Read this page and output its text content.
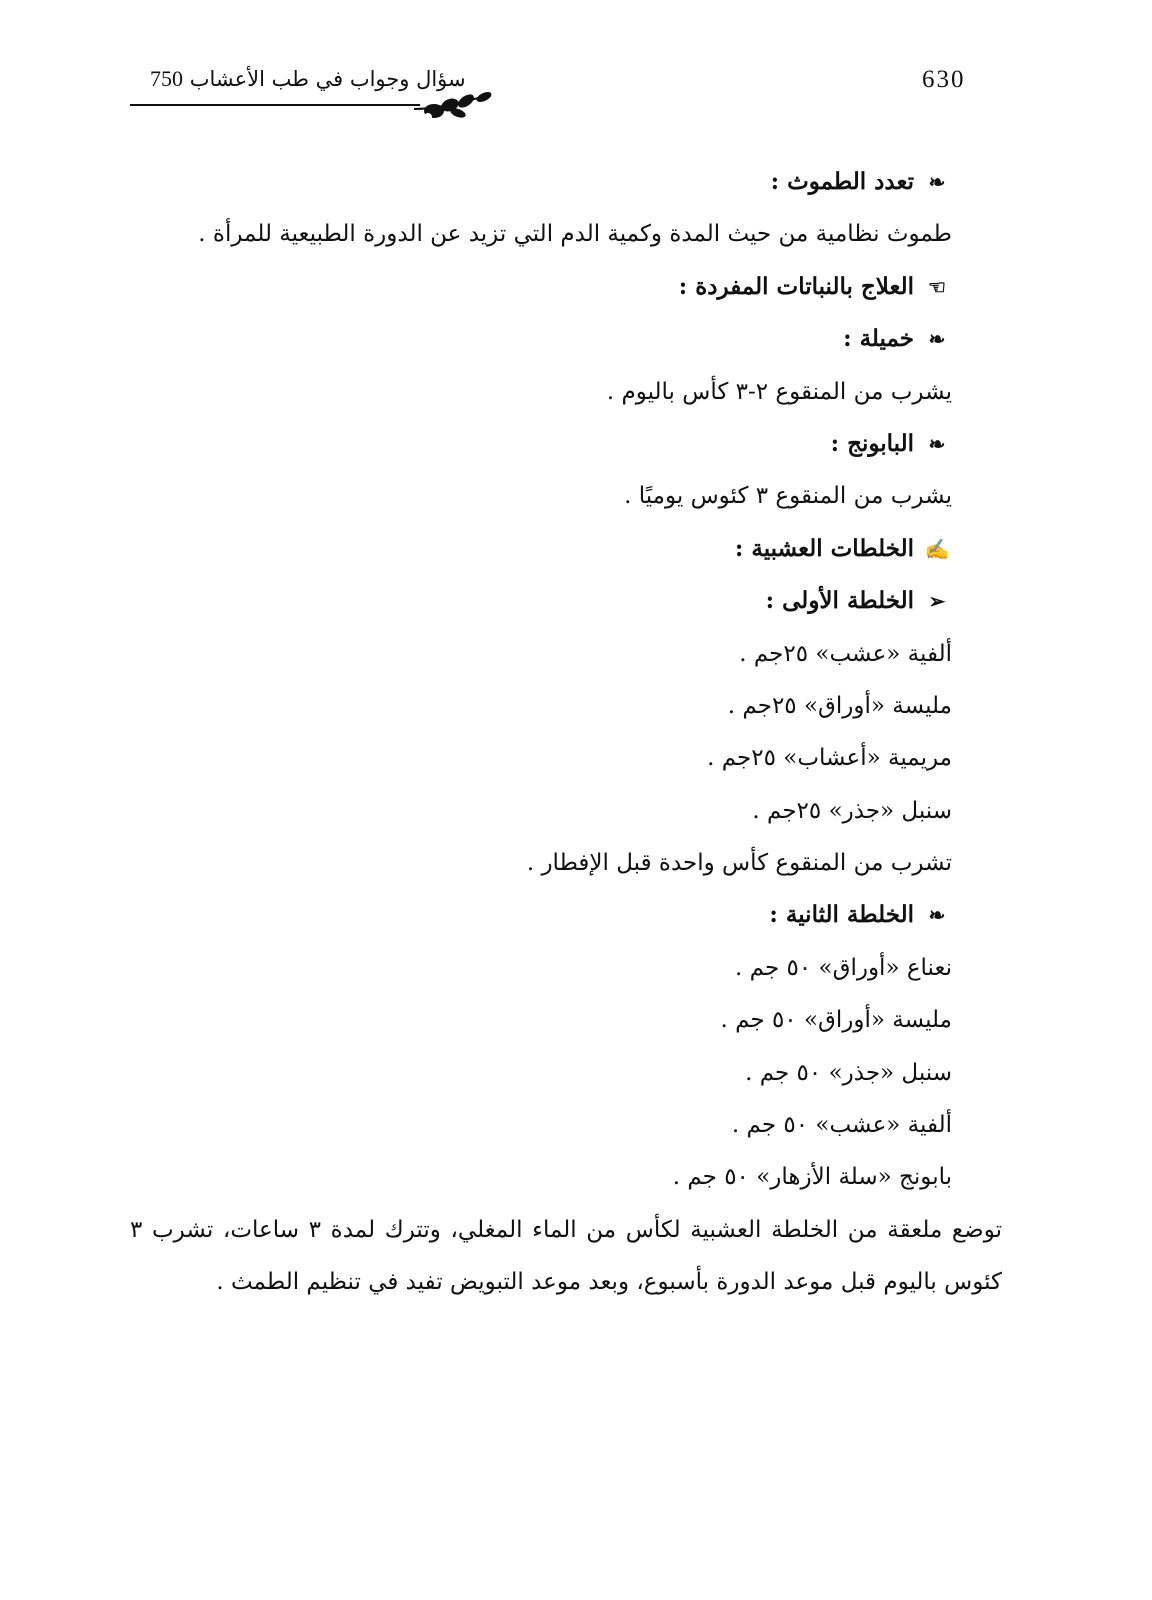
630
سؤال وجواب في طب الأعشاب 750
❧تعدد الطموث :
طموث نظامية من حيث المدة وكمية الدم التي تزيد عن الدورة الطبيعية للمرأة .
☜العلاج بالنباتات المفردة :
❧خميلة :
يشرب من المنقوع ٢-٣ كأس باليوم .
❧البابونج :
يشرب من المنقوع ٣ كئوس يوميًا .
✍الخلطات العشبية :
➢الخلطة الأولى :
ألفية «عشب» ٢٥جم .
مليسة «أوراق» ٢٥جم .
مريمية «أعشاب» ٢٥جم .
سنبل «جذر» ٢٥جم .
تشرب من المنقوع كأس واحدة قبل الإفطار .
❧الخلطة الثانية :
نعناع «أوراق» ٥٠ جم .
مليسة «أوراق» ٥٠ جم .
سنبل «جذر» ٥٠ جم .
ألفية «عشب» ٥٠ جم .
بابونج «سلة الأزهار» ٥٠ جم .
توضع ملعقة من الخلطة العشبية لكأس من الماء المغلي، وتترك لمدة ٣ ساعات، تشرب ٣ كئوس باليوم قبل موعد الدورة بأسبوع، وبعد موعد التبويض تفيد في تنظيم الطمث .
